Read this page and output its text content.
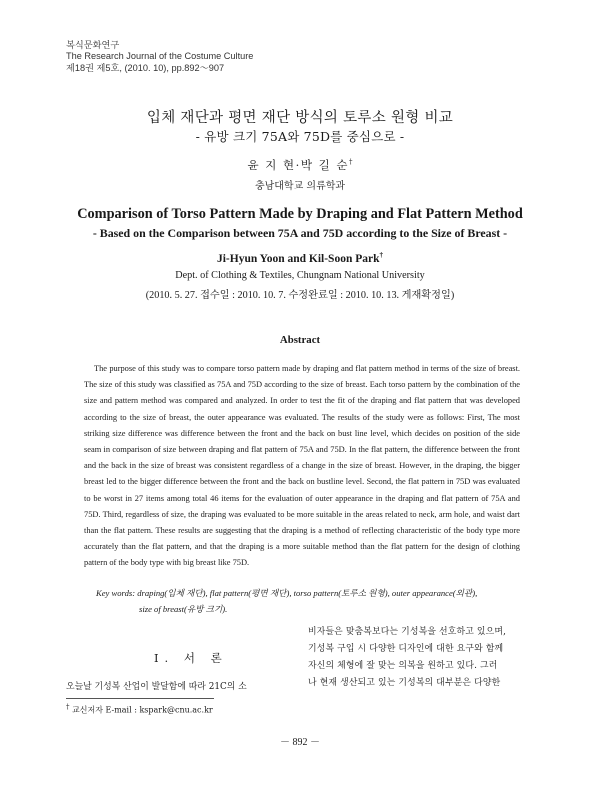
복식문화연구
The Research Journal of the Costume Culture
제18권 제5호, (2010. 10), pp.892～907
입체 재단과 평면 재단 방식의 토루소 원형 비교
- 유방 크기 75A와 75D를 중심으로 -
윤 지 현·박 길 순†
충남대학교 의류학과
Comparison of Torso Pattern Made by Draping and Flat Pattern Method
- Based on the Comparison between 75A and 75D according to the Size of Breast -
Ji-Hyun Yoon and Kil-Soon Park†
Dept. of Clothing & Textiles, Chungnam National University
(2010. 5. 27. 접수일 : 2010. 10. 7. 수정완료일 : 2010. 10. 13. 게재확정일)
Abstract
The purpose of this study was to compare torso pattern made by draping and flat pattern method in terms of the size of breast. The size of this study was classified as 75A and 75D according to the size of breast. Each torso pattern by the combination of the size and pattern method was compared and analyzed. In order to test the fit of the draping and flat pattern that was developed according to the size of breast, the outer appearance was evaluated. The results of the study were as follows: First, The most striking size difference was difference between the front and the back on bust line level, which decides on position of the side seam in comparison of size between draping and flat pattern of 75A and 75D. In the flat pattern, the difference between the front and the back in the size of breast was consistent regardless of a change in the size of breast. However, in the draping, the bigger breast led to the bigger difference between the front and the back on bustline level. Second, the flat pattern in 75D was evaluated to be worst in 27 items among total 46 items for the evaluation of outer appearance in the draping and flat pattern of 75A and 75D. Third, regardless of size, the draping was evaluated to be more suitable in the areas related to neck, arm hole, and waist dart than the flat pattern. These results are suggesting that the draping is a method of reflecting characteristic of the body type more accurately than the flat pattern, and that the draping is a more suitable method than the flat pattern for the design of clothing pattern of the body type with big breast like 75D.
Key words: draping(입체 재단), flat pattern(평면 재단), torso pattern(토루소 원형), outer appearance(외관),
size of breast(유방 크기).
Ⅰ. 서 론
오늘날 기성복 산업이 발달함에 따라 21C의 소
비자들은 맞춤복보다는 기성복을 선호하고 있으며,
기성복 구입 시 다양한 디자인에 대한 요구와 함께
자신의 체형에 잘 맞는 의복을 원하고 있다. 그러
나 현재 생산되고 있는 기성복의 대부분은 다양한
† 교신저자 E-mail : kspark@cnu.ac.kr
－ 892 －
